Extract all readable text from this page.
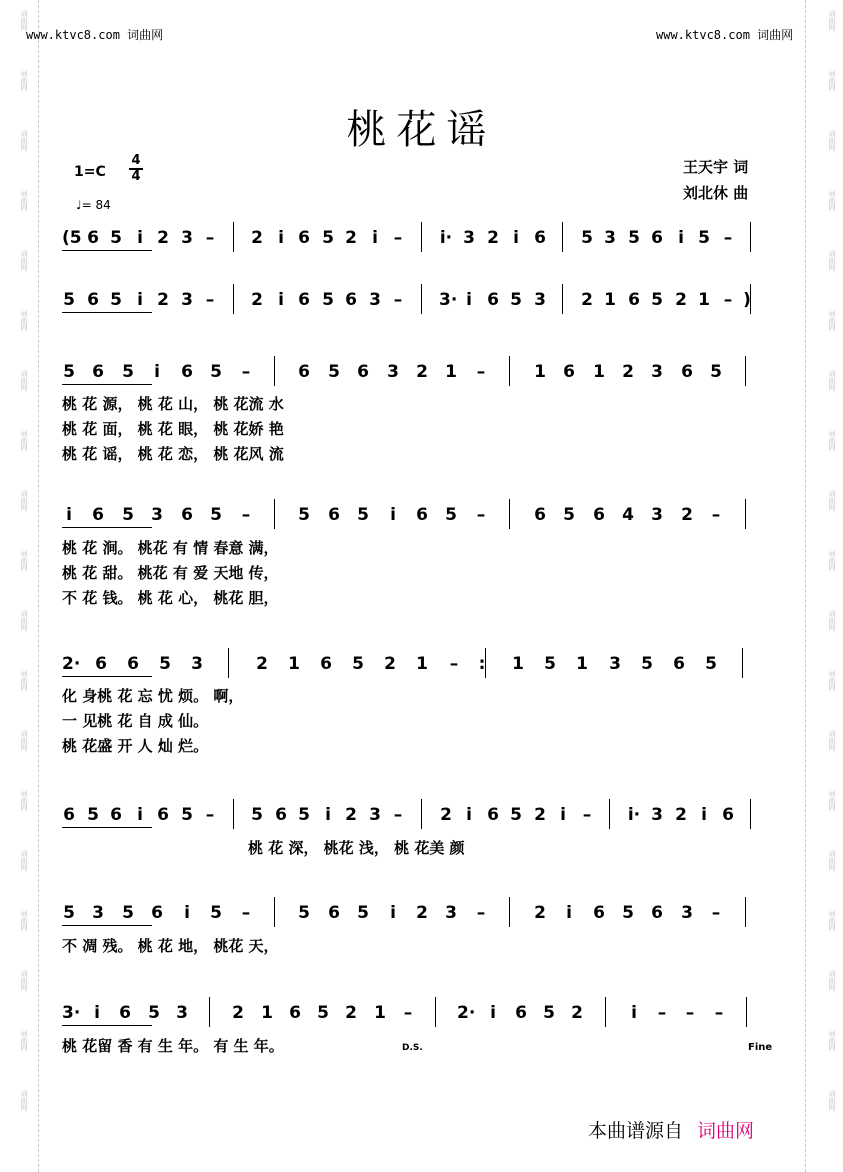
词曲网
词曲网
词曲网
词曲网
词曲网
词曲网
词曲网
词曲网
词曲网
词曲网
词曲网
词曲网
词曲网
词曲网
词曲网
词曲网
词曲网
词曲网
词曲网
词曲网
词曲网
词曲网
词曲网
词曲网
词曲网
词曲网
词曲网
词曲网
词曲网
词曲网
词曲网
词曲网
词曲网
词曲网
词曲网
词曲网
词曲网
词曲网
www.ktvc8.com 词曲网	www.ktvc8.com 词曲网
桃花谣
1=C
4
4
♩= 84
王天宇 词
刘北休 曲
(5 6 5 i 2 3 – 2 i 6 5 2 i – i· 3 2 i 6 5 3 5 6 i 5 –
5 6 5 i 2 3 – 2 i 6 5 6 3 – 3· i 6 5 3 2 1 6 5 2 1 – )
5 6 5 i 6 5 –	6 5 6 3 2 1 –	1 6 1 2 3 6 5
桃 花 源， 桃 花 山， 桃 花流 水
桃 花 面， 桃 花 眼， 桃 花娇 艳
桃 花 谣， 桃 花 恋， 桃 花风 流
i 6 5 3 6 5 –	5 6 5 i 6 5 –	6 5 6 4 3 2 –
桃 花 涧。 桃花 有 情 春意 满，
桃 花 甜。 桃花 有 爱 天地 传，
不 花 钱。 桃 花 心， 桃花 胆，
2· 6 6 5 3	2 1 6 5 2 1 – : 1 5 1 3 5 6 5
化 身桃 花 忘 忧 烦。 啊，
一 见桃 花 自 成 仙。
桃 花盛 开 人 灿 烂。
6 5 6 i 6 5 – 5 6 5 i 2 3 – 2 i 6 5 2 i – i· 3 2 i 6
桃 花 深， 桃花 浅， 桃 花美 颜
5 3 5 6 i 5 –	5 6 5 i 2 3 –	2 i 6 5 6 3 –
不 凋 残。 桃 花 地， 桃花 天，
3· i 6 5 3	2 1 6 5 2 1 –	2· i 6 5 2	i – – –
桃 花留 香 有 生 年。 有 生 年。	D.S.	Fine
本曲谱源自 词曲网
